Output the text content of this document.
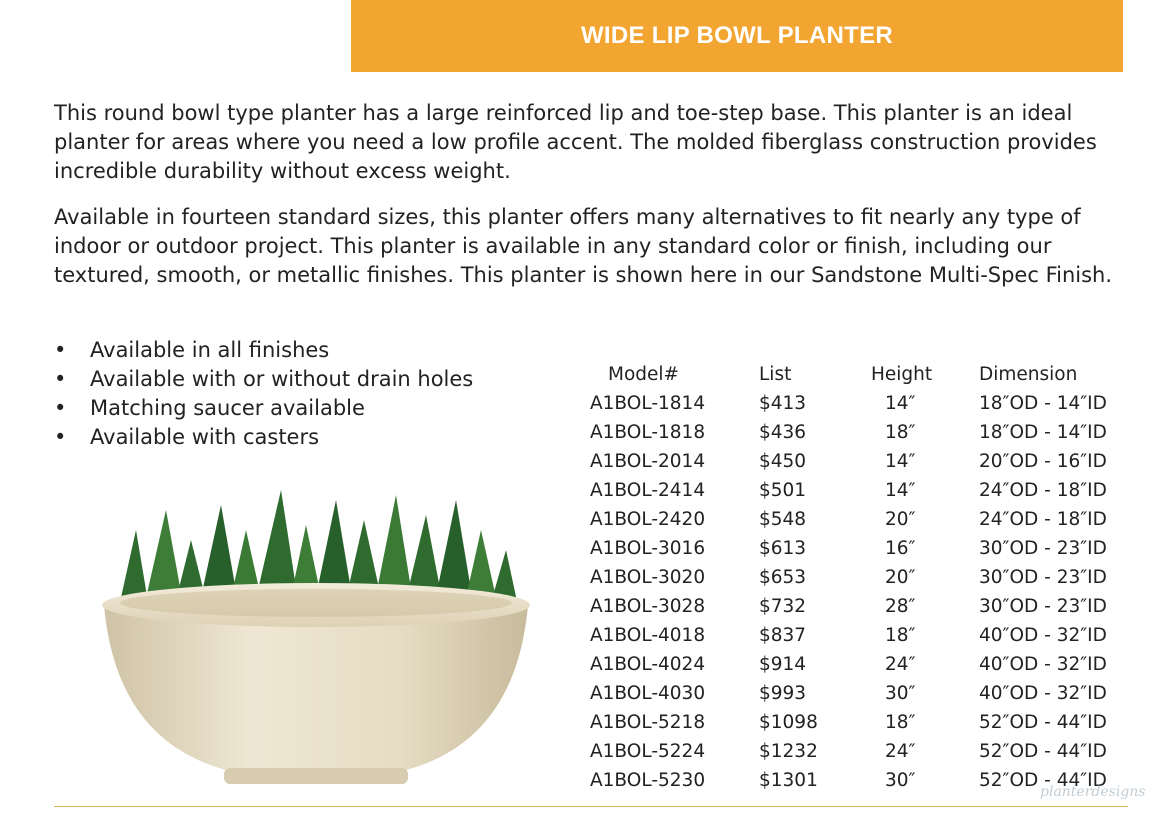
WIDE LIP BOWL PLANTER

This round bowl type planter has a large reinforced lip and toe-step base. This planter is an ideal planter for areas where you need a low profile accent. The molded fiberglass construction provides incredible durability without excess weight.

Available in fourteen standard sizes, this planter offers many alternatives to fit nearly any type of indoor or outdoor project. This planter is available in any standard color or finish, including our textured, smooth, or metallic finishes. This planter is shown here in our Sandstone Multi-Spec Finish.

• Available in all finishes
• Available with or without drain holes
• Matching saucer available
• Available with casters
Model#	List	Height	Dimension
A1BOL-1814	$413	14″	18″OD - 14″ID
A1BOL-1818	$436	18″	18″OD - 14″ID
A1BOL-2014	$450	14″	20″OD - 16″ID
A1BOL-2414	$501	14″	24″OD - 18″ID
A1BOL-2420	$548	20″	24″OD - 18″ID
A1BOL-3016	$613	16″	30″OD - 23″ID
A1BOL-3020	$653	20″	30″OD - 23″ID
A1BOL-3028	$732	28″	30″OD - 23″ID
A1BOL-4018	$837	18″	40″OD - 32″ID
A1BOL-4024	$914	24″	40″OD - 32″ID
A1BOL-4030	$993	30″	40″OD - 32″ID
A1BOL-5218	$1098	18″	52″OD - 44″ID
A1BOL-5224	$1232	24″	52″OD - 44″ID
A1BOL-5230	$1301	30″	52″OD - 44″ID
planterdesigns
